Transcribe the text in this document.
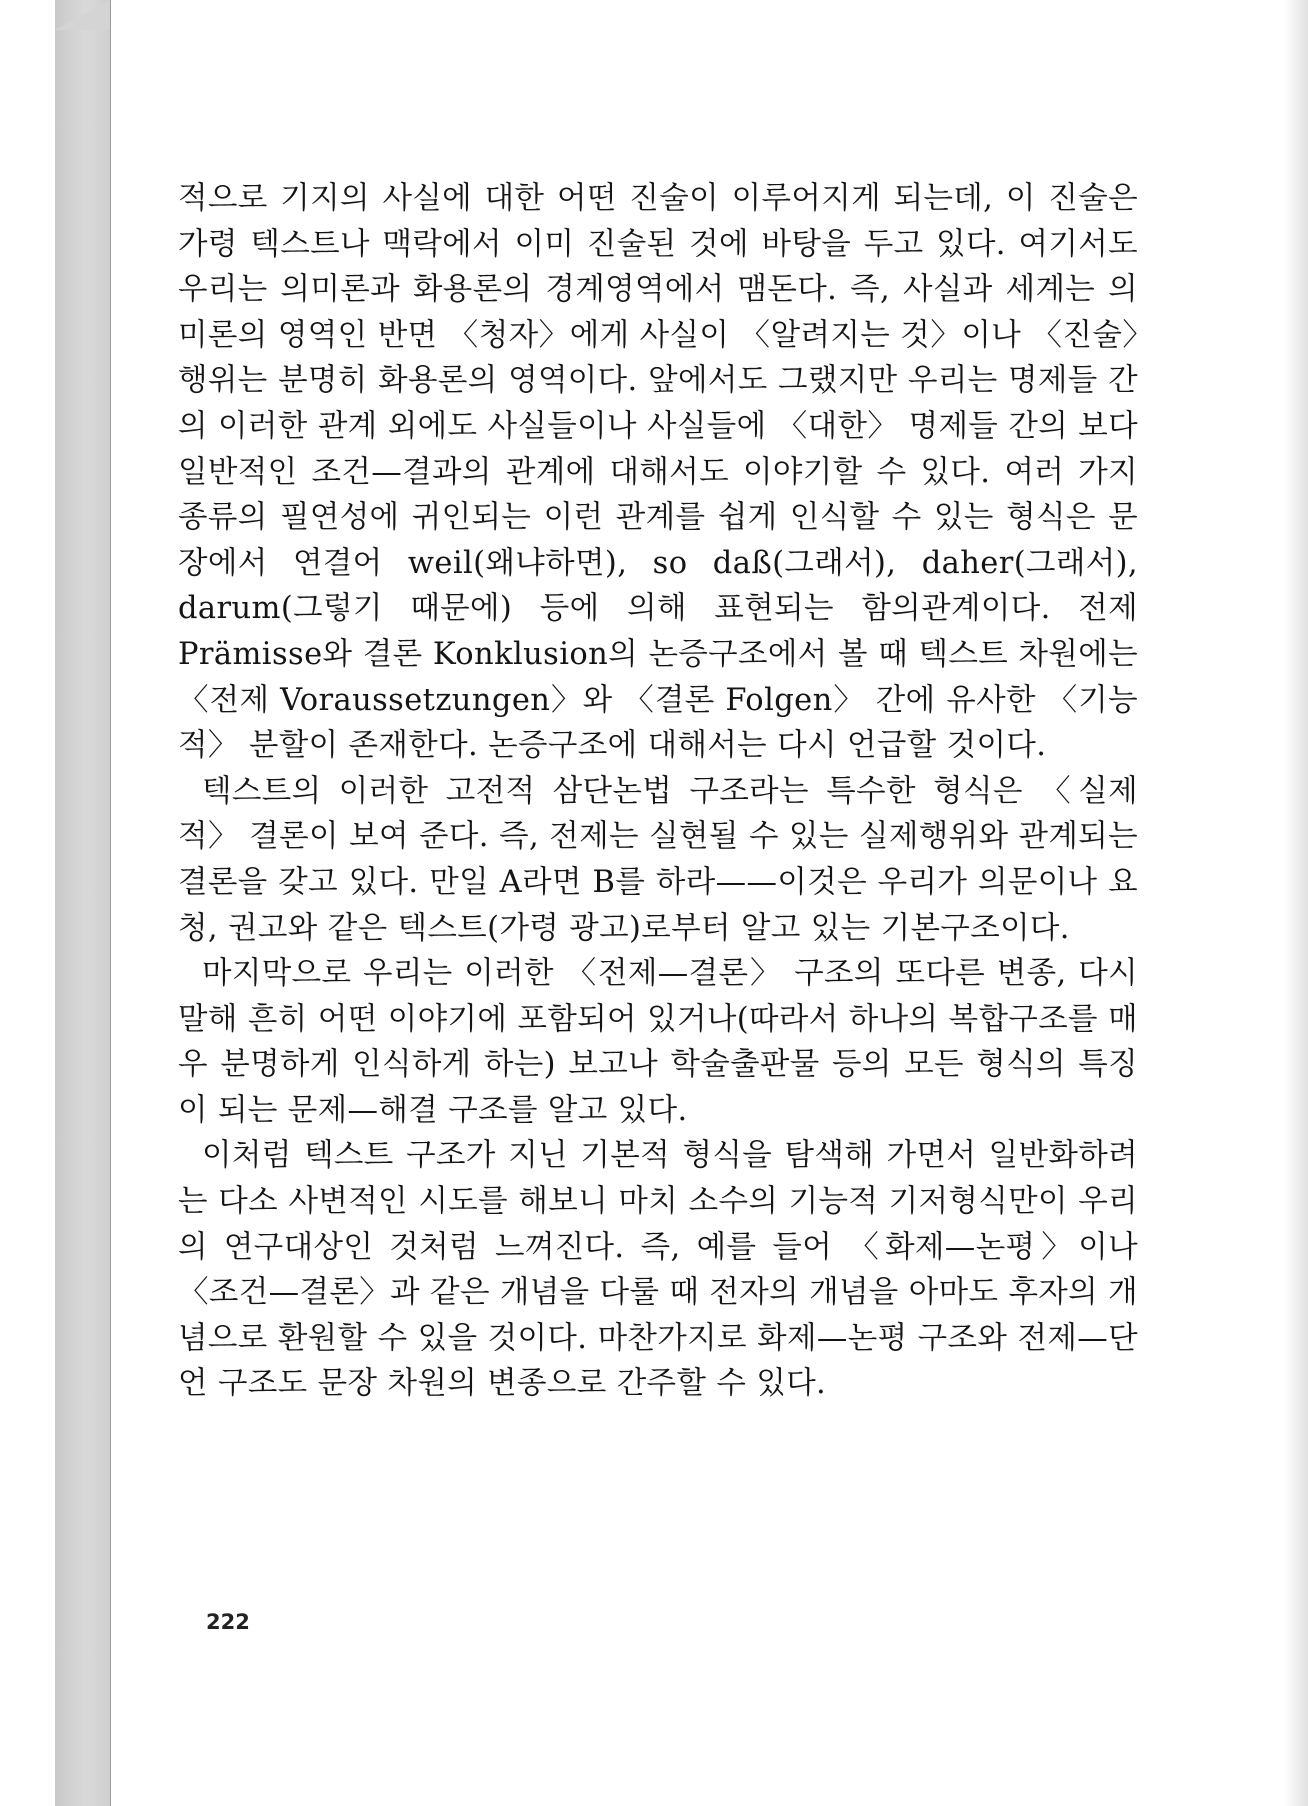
적으로 기지의 사실에 대한 어떤 진술이 이루어지게 되는데, 이 진술은 가령 텍스트나 맥락에서 이미 진술된 것에 바탕을 두고 있다. 여기서도 우리는 의미론과 화용론의 경계영역에서 맴돈다. 즉, 사실과 세계는 의미론의 영역인 반면 〈청자〉에게 사실이 〈알려지는 것〉이나 〈진술〉행위는 분명히 화용론의 영역이다. 앞에서도 그랬지만 우리는 명제들 간의 이러한 관계 외에도 사실들이나 사실들에 〈대한〉 명제들 간의 보다 일반적인 조건—결과의 관계에 대해서도 이야기할 수 있다. 여러 가지 종류의 필연성에 귀인되는 이런 관계를 쉽게 인식할 수 있는 형식은 문장에서 연결어 weil(왜냐하면), so daß(그래서), daher(그래서), darum(그렇기 때문에) 등에 의해 표현되는 함의관계이다. 전제 Prämisse와 결론 Konklusion의 논증구조에서 볼 때 텍스트 차원에는 〈전제 Voraussetzungen〉와 〈결론 Folgen〉 간에 유사한 〈기능적〉 분할이 존재한다. 논증구조에 대해서는 다시 언급할 것이다.

텍스트의 이러한 고전적 삼단논법 구조라는 특수한 형식은 〈실제적〉 결론이 보여 준다. 즉, 전제는 실현될 수 있는 실제행위와 관계되는 결론을 갖고 있다. 만일 A라면 B를 하라——이것은 우리가 의문이나 요청, 권고와 같은 텍스트(가령 광고)로부터 알고 있는 기본구조이다.

마지막으로 우리는 이러한 〈전제—결론〉 구조의 또다른 변종, 다시 말해 흔히 어떤 이야기에 포함되어 있거나(따라서 하나의 복합구조를 매우 분명하게 인식하게 하는) 보고나 학술출판물 등의 모든 형식의 특징이 되는 문제—해결 구조를 알고 있다.

이처럼 텍스트 구조가 지닌 기본적 형식을 탐색해 가면서 일반화하려는 다소 사변적인 시도를 해보니 마치 소수의 기능적 기저형식만이 우리의 연구대상인 것처럼 느껴진다. 즉, 예를 들어 〈화제—논평〉이나 〈조건—결론〉과 같은 개념을 다룰 때 전자의 개념을 아마도 후자의 개념으로 환원할 수 있을 것이다. 마찬가지로 화제—논평 구조와 전제—단언 구조도 문장 차원의 변종으로 간주할 수 있다.

222
